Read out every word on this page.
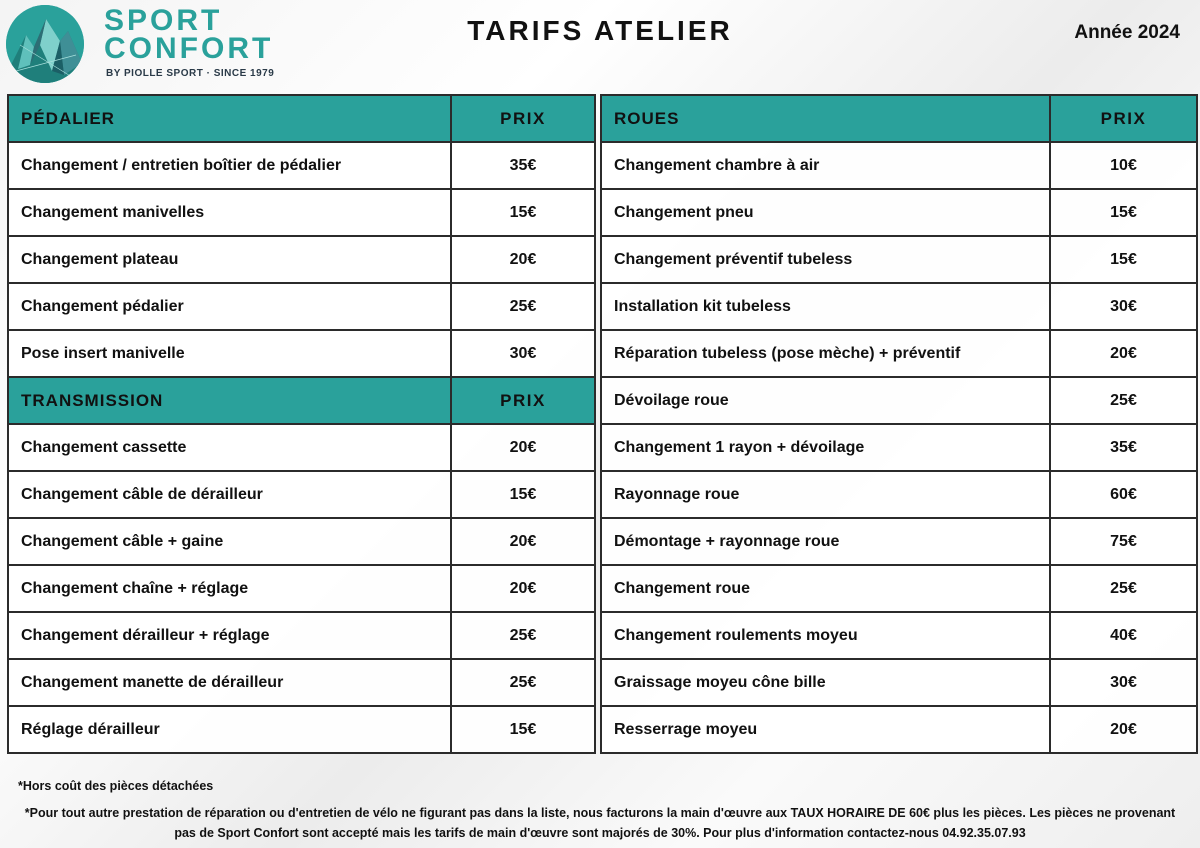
SPORT
CONFORT
BY PIOLLE SPORT · SINCE 1979
TARIFS ATELIER	Année 2024
PÉDALIER	PRIX
Changement / entretien boîtier de pédalier	35€
Changement manivelles	15€
Changement plateau	20€
Changement pédalier	25€
Pose insert manivelle	30€
TRANSMISSION	PRIX
Changement cassette	20€
Changement câble de dérailleur	15€
Changement câble + gaine	20€
Changement chaîne + réglage	20€
Changement dérailleur + réglage	25€
Changement manette de dérailleur	25€
Réglage dérailleur	15€
ROUES	PRIX
Changement chambre à air	10€
Changement pneu	15€
Changement préventif tubeless	15€
Installation kit tubeless	30€
Réparation tubeless (pose mèche) + préventif	20€
Dévoilage roue	25€
Changement 1 rayon + dévoilage	35€
Rayonnage roue	60€
Démontage + rayonnage roue	75€
Changement roue	25€
Changement roulements moyeu	40€
Graissage moyeu cône bille	30€
Resserrage moyeu	20€
*Hors coût des pièces détachées
*Pour tout autre prestation de réparation ou d'entretien de vélo ne figurant pas dans la liste, nous facturons la main d'œuvre aux TAUX HORAIRE DE 60€ plus les pièces. Les pièces ne provenant pas de Sport Confort sont accepté mais les tarifs de main d'œuvre sont majorés de 30%. Pour plus d'information contactez-nous 04.92.35.07.93
